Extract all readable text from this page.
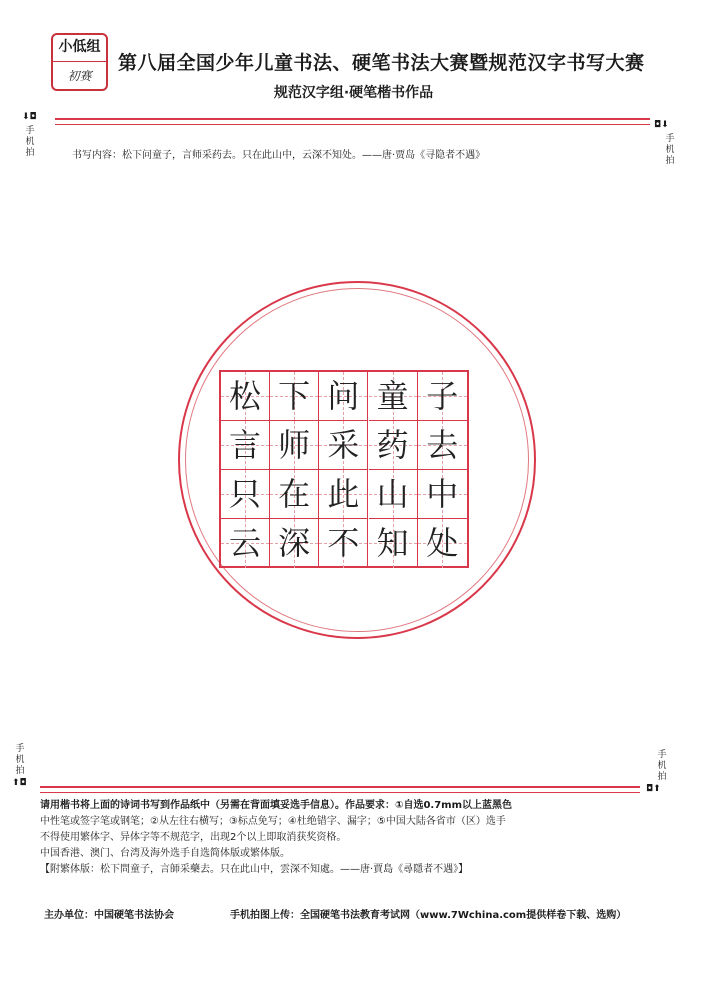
小低组
初赛
第八届全国少年儿童书法、硬笔书法大赛暨规范汉字书写大赛
规范汉字组·硬笔楷书作品
⬇◘
手机拍
◘⬇
手机拍
书写内容：松下问童子，言师采药去。只在此山中，云深不知处。——唐·贾岛《寻隐者不遇》
松 下 问 童 子
言 师 采 药 去
只 在 此 山 中
云 深 不 知 处
手机拍
⬆◘
手机拍
◘⬆
请用楷书将上面的诗词书写到作品纸中（另需在背面填妥选手信息）。作品要求：①自选0.7mm以上蓝黑色
中性笔或签字笔或钢笔；②从左往右横写；③标点免写；④杜绝错字、漏字；⑤中国大陆各省市（区）选手
不得使用繁体字、异体字等不规范字，出现2个以上即取消获奖资格。
中国香港、澳门、台湾及海外选手自选简体版或繁体版。
【附繁体版：松下問童子，言師采藥去。只在此山中，雲深不知處。——唐·賈島《尋隱者不遇》】
主办单位：中国硬笔书法协会	手机拍图上传：全国硬笔书法教育考试网（www.7Wchina.com提供样卷下载、选购）
